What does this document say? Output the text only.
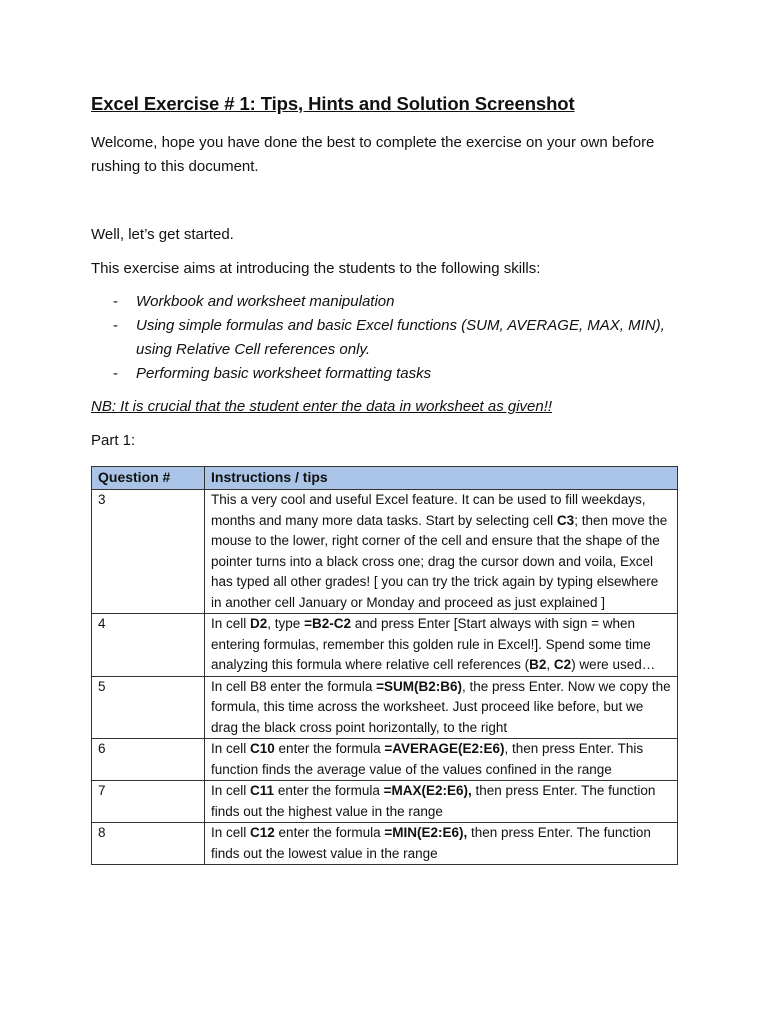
Excel Exercise # 1: Tips, Hints and Solution Screenshot

Welcome, hope you have done the best to complete the exercise on your own before rushing to this document.

Well, let’s get started.

This exercise aims at introducing the students to the following skills:

- Workbook and worksheet manipulation
- Using simple formulas and basic Excel functions (SUM, AVERAGE, MAX, MIN), using Relative Cell references only.
- Performing basic worksheet formatting tasks

NB: It is crucial that the student enter the data in worksheet as given!!

Part 1:

Question #	Instructions / tips
3	This a very cool and useful Excel feature. It can be used to fill weekdays, months and many more data tasks. Start by selecting cell C3; then move the mouse to the lower, right corner of the cell and ensure that the shape of the pointer turns into a black cross one; drag the cursor down and voila, Excel has typed all other grades! [ you can try the trick again by typing elsewhere in another cell January or Monday and proceed as just explained ]
4	In cell D2, type =B2-C2 and press Enter [Start always with sign = when entering formulas, remember this golden rule in Excel!]. Spend some time analyzing this formula where relative cell references (B2, C2) were used…
5	In cell B8 enter the formula =SUM(B2:B6), the press Enter. Now we copy the formula, this time across the worksheet. Just proceed like before, but we drag the black cross point horizontally, to the right
6	In cell C10 enter the formula =AVERAGE(E2:E6), then press Enter. This function finds the average value of the values confined in the range
7	In cell C11 enter the formula =MAX(E2:E6), then press Enter. The function finds out the highest value in the range
8	In cell C12 enter the formula =MIN(E2:E6), then press Enter. The function finds out the lowest value in the range
